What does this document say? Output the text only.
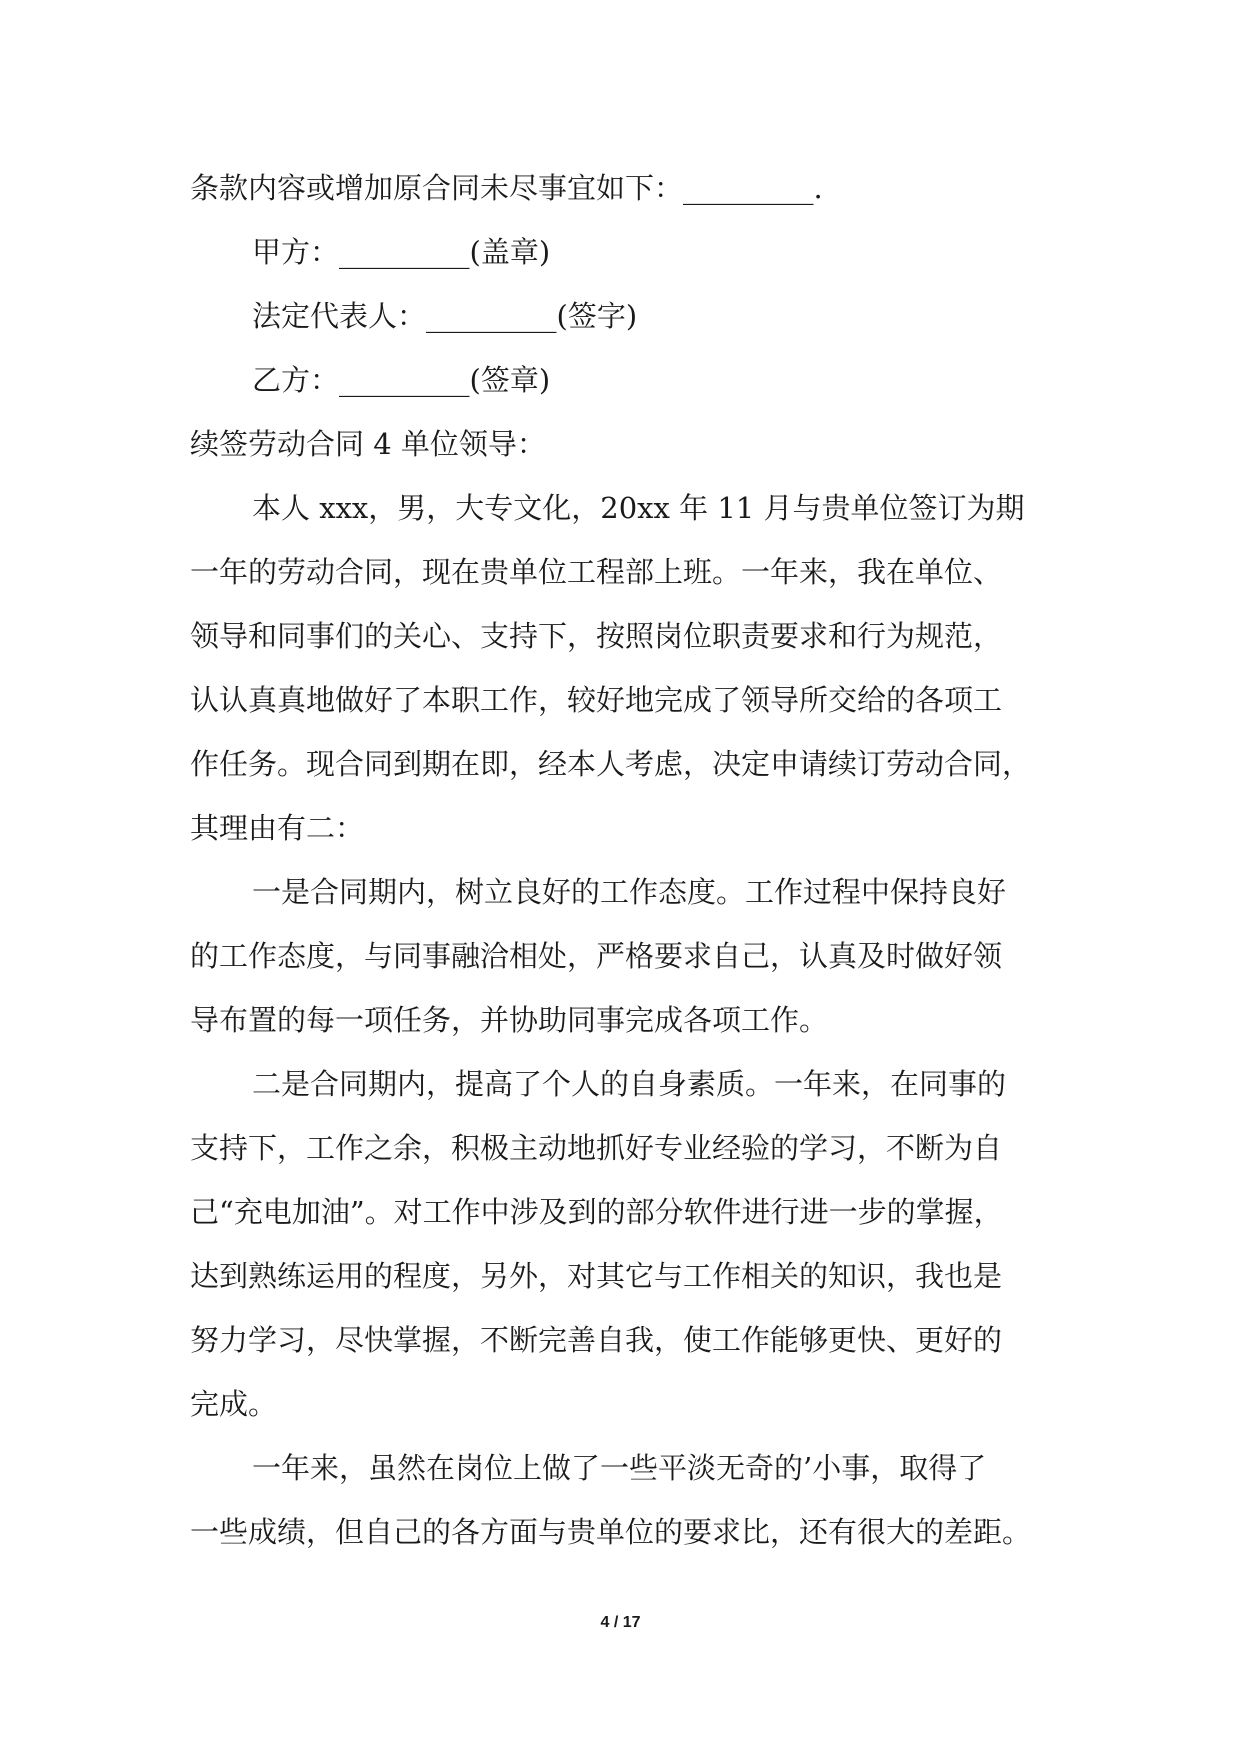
条款内容或增加原合同未尽事宜如下：_________.
甲方：_________(盖章)
法定代表人：_________(签字)
乙方：_________(签章)
续签劳动合同 4 单位领导：
本人 xxx，男，大专文化，20xx 年 11 月与贵单位签订为期
一年的劳动合同，现在贵单位工程部上班。一年来，我在单位、
领导和同事们的关心、支持下，按照岗位职责要求和行为规范，
认认真真地做好了本职工作，较好地完成了领导所交给的各项工
作任务。现合同到期在即，经本人考虑，决定申请续订劳动合同，
其理由有二：
一是合同期内，树立良好的工作态度。工作过程中保持良好
的工作态度，与同事融洽相处，严格要求自己，认真及时做好领
导布置的每一项任务，并协助同事完成各项工作。
二是合同期内，提高了个人的自身素质。一年来，在同事的
支持下，工作之余，积极主动地抓好专业经验的学习，不断为自
己“充电加油”。对工作中涉及到的部分软件进行进一步的掌握，
达到熟练运用的程度，另外，对其它与工作相关的知识，我也是
努力学习，尽快掌握，不断完善自我，使工作能够更快、更好的
完成。
一年来，虽然在岗位上做了一些平淡无奇的’小事，取得了
一些成绩，但自己的各方面与贵单位的要求比，还有很大的差距。
4 / 17
